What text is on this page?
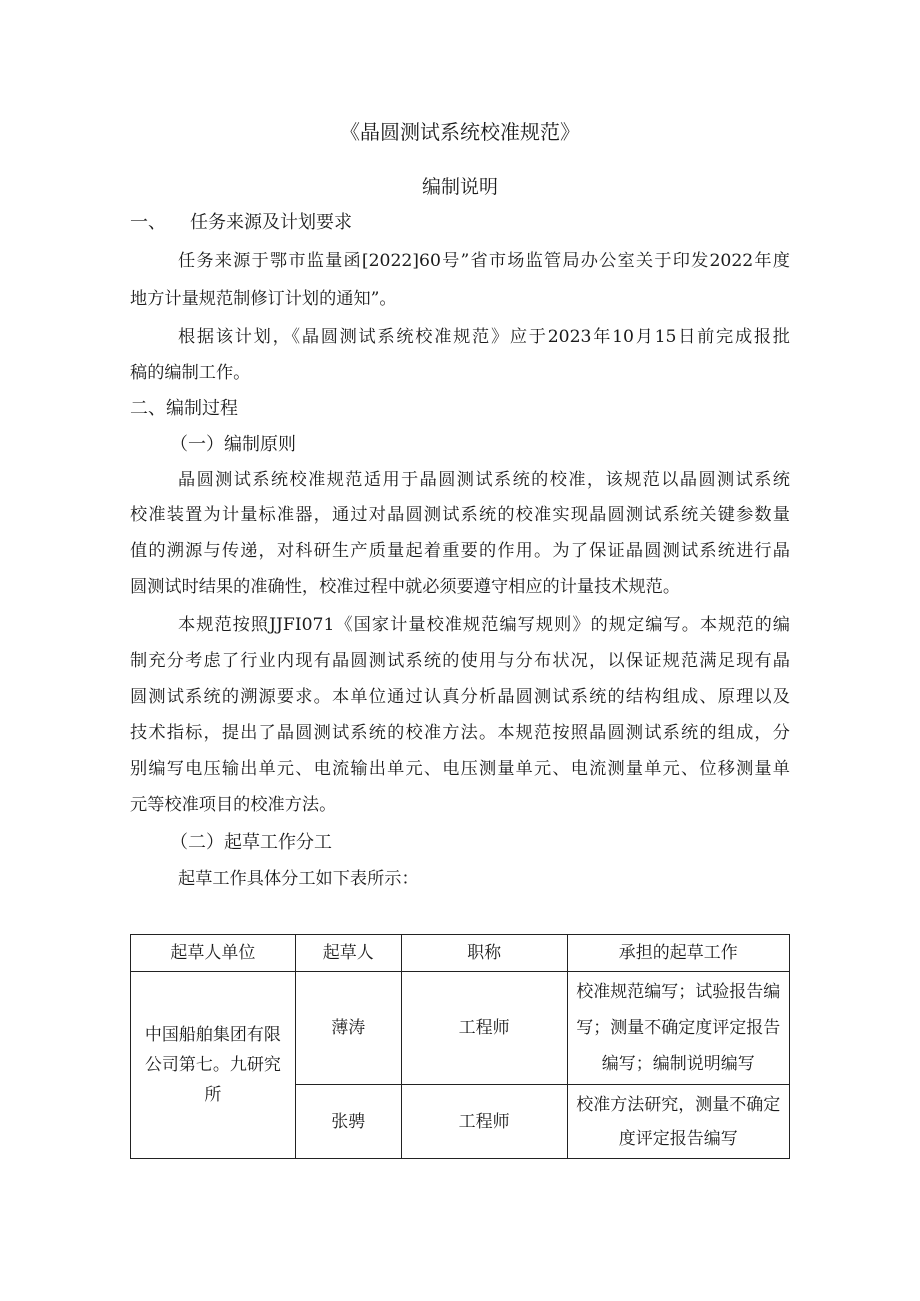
《晶圆测试系统校准规范》
编制说明
一、 任务来源及计划要求
任务来源于鄂市监量函[2022]60号”省市场监管局办公室关于印发2022年度
地方计量规范制修订计划的通知”。
根据该计划，《晶圆测试系统校准规范》应于2023年10月15日前完成报批
稿的编制工作。
二、编制过程
（一）编制原则
晶圆测试系统校准规范适用于晶圆测试系统的校准，该规范以晶圆测试系统
校准装置为计量标准器，通过对晶圆测试系统的校准实现晶圆测试系统关键参数量
值的溯源与传递，对科研生产质量起着重要的作用。为了保证晶圆测试系统进行晶
圆测试时结果的准确性，校准过程中就必须要遵守相应的计量技术规范。
本规范按照JJFI071《国家计量校准规范编写规则》的规定编写。本规范的编
制充分考虑了行业内现有晶圆测试系统的使用与分布状况，以保证规范满足现有晶
圆测试系统的溯源要求。本单位通过认真分析晶圆测试系统的结构组成、原理以及
技术指标，提出了晶圆测试系统的校准方法。本规范按照晶圆测试系统的组成，分
别编写电压输出单元、电流输出单元、电压测量单元、电流测量单元、位移测量单
元等校准项目的校准方法。
（二）起草工作分工
起草工作具体分工如下表所示：
起草人单位	起草人	职称	承担的起草工作
中国船舶集团有限公司第七。九研究所	薄涛	工程师	校准规范编写；试验报告编写；测量不确定度评定报告编写；编制说明编写
	张骋	工程师	校准方法研究，测量不确定度评定报告编写
